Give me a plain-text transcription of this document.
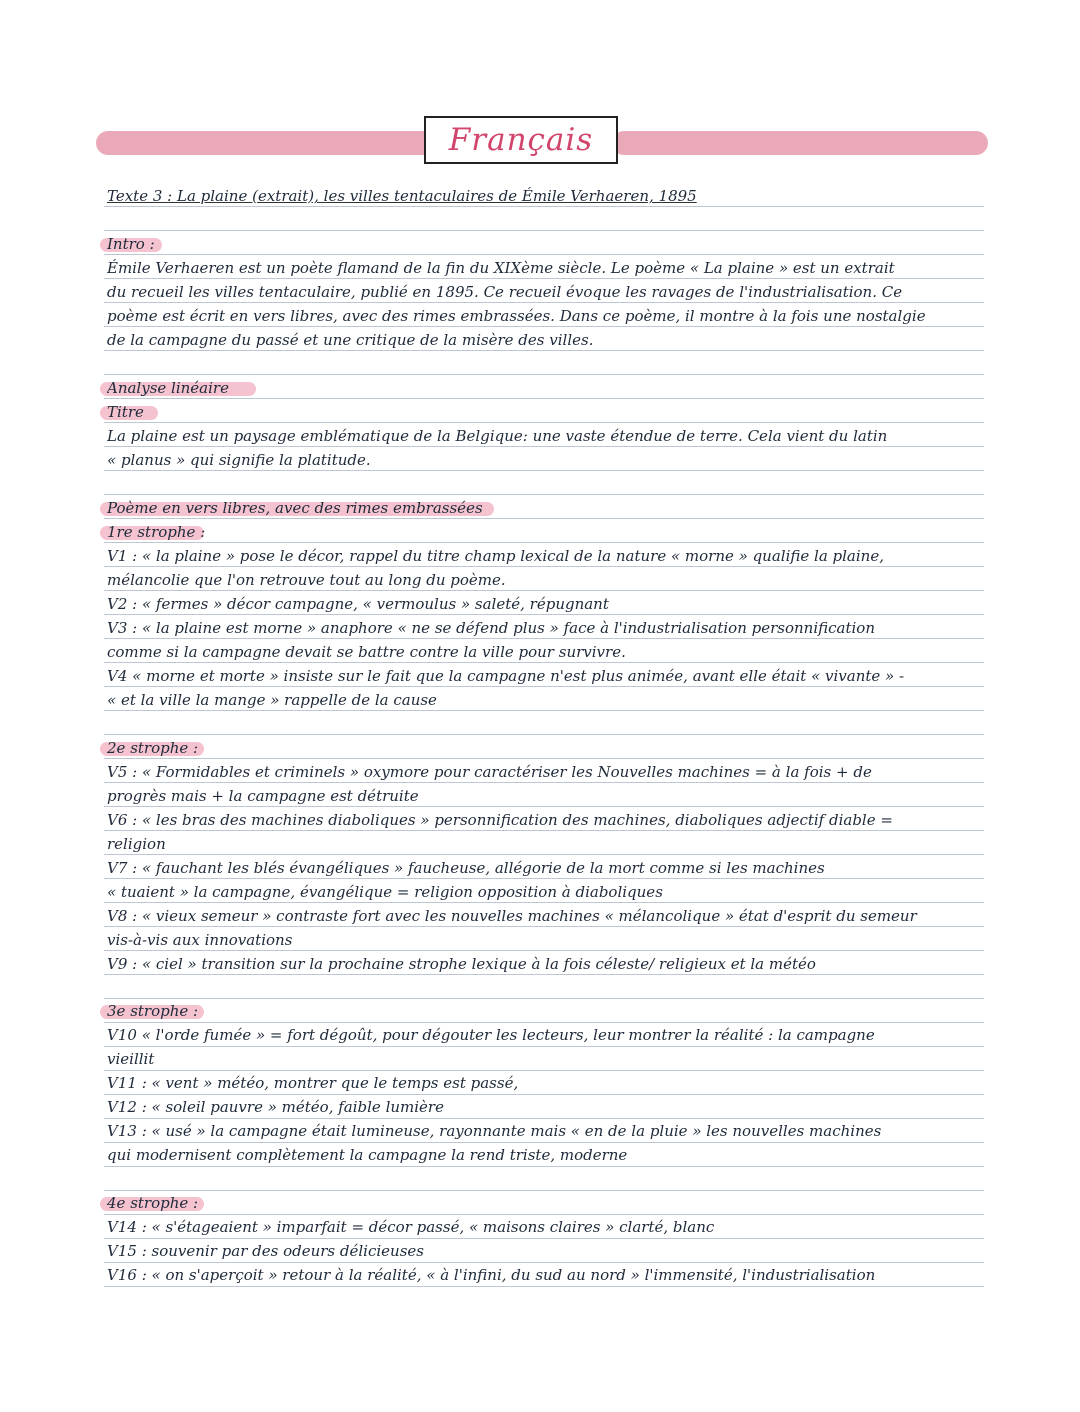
Français
Texte 3 : La plaine (extrait), les villes tentaculaires de Émile Verhaeren, 1895
Intro :
Émile Verhaeren est un poète flamand de la fin du XIXème siècle. Le poème « La plaine » est un extrait
du recueil les villes tentaculaire, publié en 1895. Ce recueil évoque les ravages de l'industrialisation. Ce
poème est écrit en vers libres, avec des rimes embrassées. Dans ce poème, il montre à la fois une nostalgie
de la campagne du passé et une critique de la misère des villes.
Analyse linéaire
Titre
La plaine est un paysage emblématique de la Belgique: une vaste étendue de terre. Cela vient du latin
« planus » qui signifie la platitude.
Poème en vers libres, avec des rimes embrassées
1re strophe :
V1 : « la plaine » pose le décor, rappel du titre champ lexical de la nature « morne » qualifie la plaine,
mélancolie que l'on retrouve tout au long du poème.
V2 : « fermes » décor campagne, « vermoulus » saleté, répugnant
V3 : « la plaine est morne » anaphore « ne se défend plus » face à l'industrialisation personnification
comme si la campagne devait se battre contre la ville pour survivre.
V4 « morne et morte » insiste sur le fait que la campagne n'est plus animée, avant elle était « vivante » -
« et la ville la mange » rappelle de la cause
2e strophe :
V5 : « Formidables et criminels » oxymore pour caractériser les Nouvelles machines = à la fois + de
progrès mais + la campagne est détruite
V6 : « les bras des machines diaboliques » personnification des machines, diaboliques adjectif diable =
religion
V7 : « fauchant les blés évangéliques » faucheuse, allégorie de la mort comme si les machines
« tuaient » la campagne, évangélique = religion opposition à diaboliques
V8 : « vieux semeur » contraste fort avec les nouvelles machines « mélancolique » état d'esprit du semeur
vis-à-vis aux innovations
V9 : « ciel » transition sur la prochaine strophe lexique à la fois céleste/ religieux et la météo
3e strophe :
V10 « l'orde fumée » = fort dégoût, pour dégouter les lecteurs, leur montrer la réalité : la campagne
vieillit
V11 : « vent » météo, montrer que le temps est passé,
V12 : « soleil pauvre » météo, faible lumière
V13 : « usé » la campagne était lumineuse, rayonnante mais « en de la pluie » les nouvelles machines
qui modernisent complètement la campagne la rend triste, moderne
4e strophe :
V14 : « s'étageaient » imparfait = décor passé, « maisons claires » clarté, blanc
V15 : souvenir par des odeurs délicieuses
V16 : « on s'aperçoit » retour à la réalité, « à l'infini, du sud au nord » l'immensité, l'industrialisation
